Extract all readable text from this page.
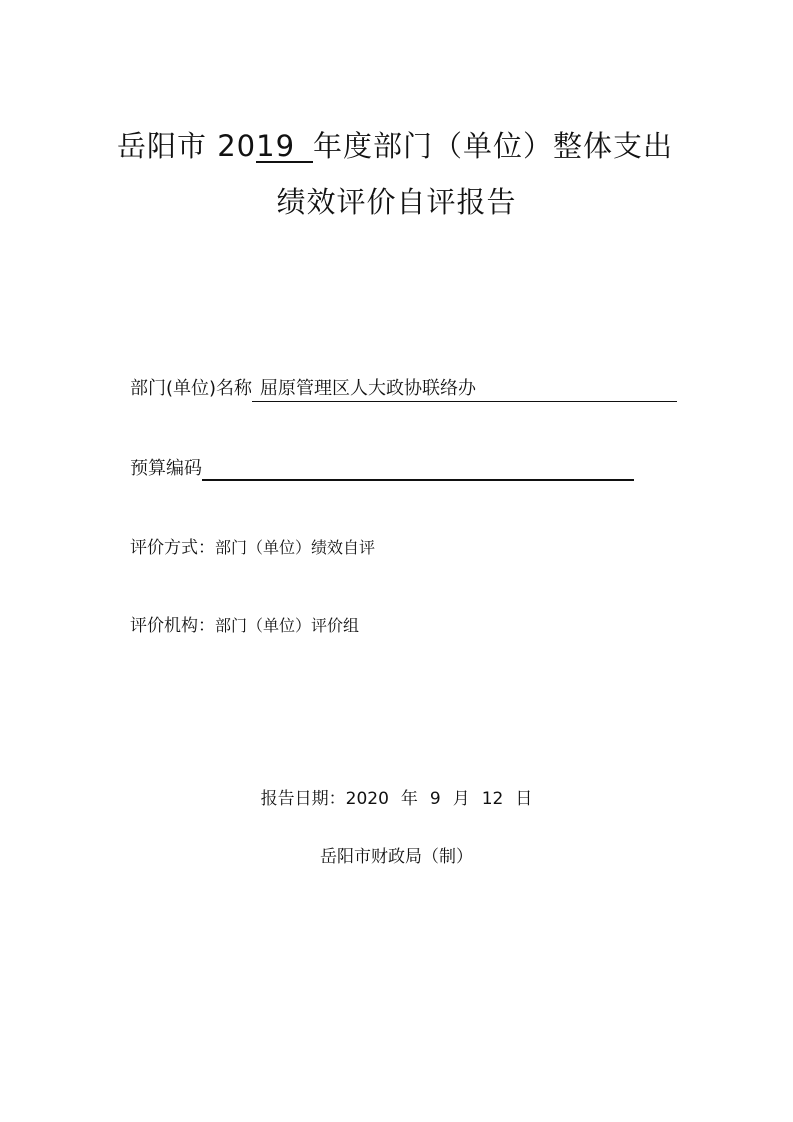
岳阳市 2019 年度部门（单位）整体支出
绩效评价自评报告
部门(单位)名称 屈原管理区人大政协联络办
预算编码
评价方式：部门（单位）绩效自评
评价机构：部门（单位）评价组
报告日期：2020 年 9 月 12 日
岳阳市财政局（制）
